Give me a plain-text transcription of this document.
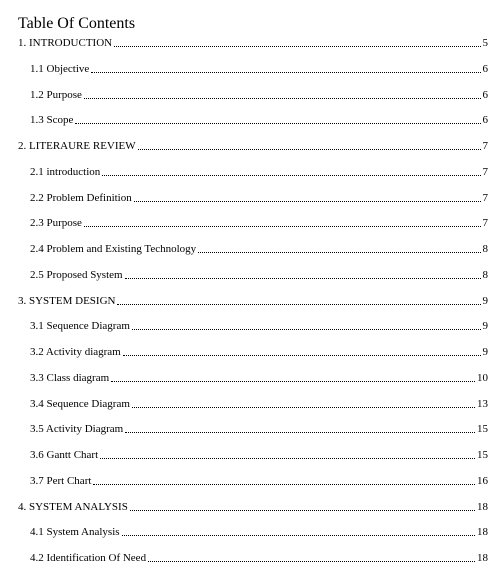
Table Of Contents
1. INTRODUCTION	5
1.1 Objective	6
1.2 Purpose	6
1.3 Scope	6
2. LITERAURE REVIEW	7
2.1 introduction	7
2.2 Problem Definition	7
2.3 Purpose	7
2.4 Problem and Existing Technology	8
2.5 Proposed System	8
3. SYSTEM DESIGN	9
3.1 Sequence Diagram	9
3.2 Activity diagram	9
3.3 Class diagram	10
3.4 Sequence Diagram	13
3.5 Activity Diagram	15
3.6 Gantt Chart	15
3.7 Pert Chart	16
4. SYSTEM ANALYSIS	18
4.1 System Analysis	18
4.2 Identification Of Need	18
